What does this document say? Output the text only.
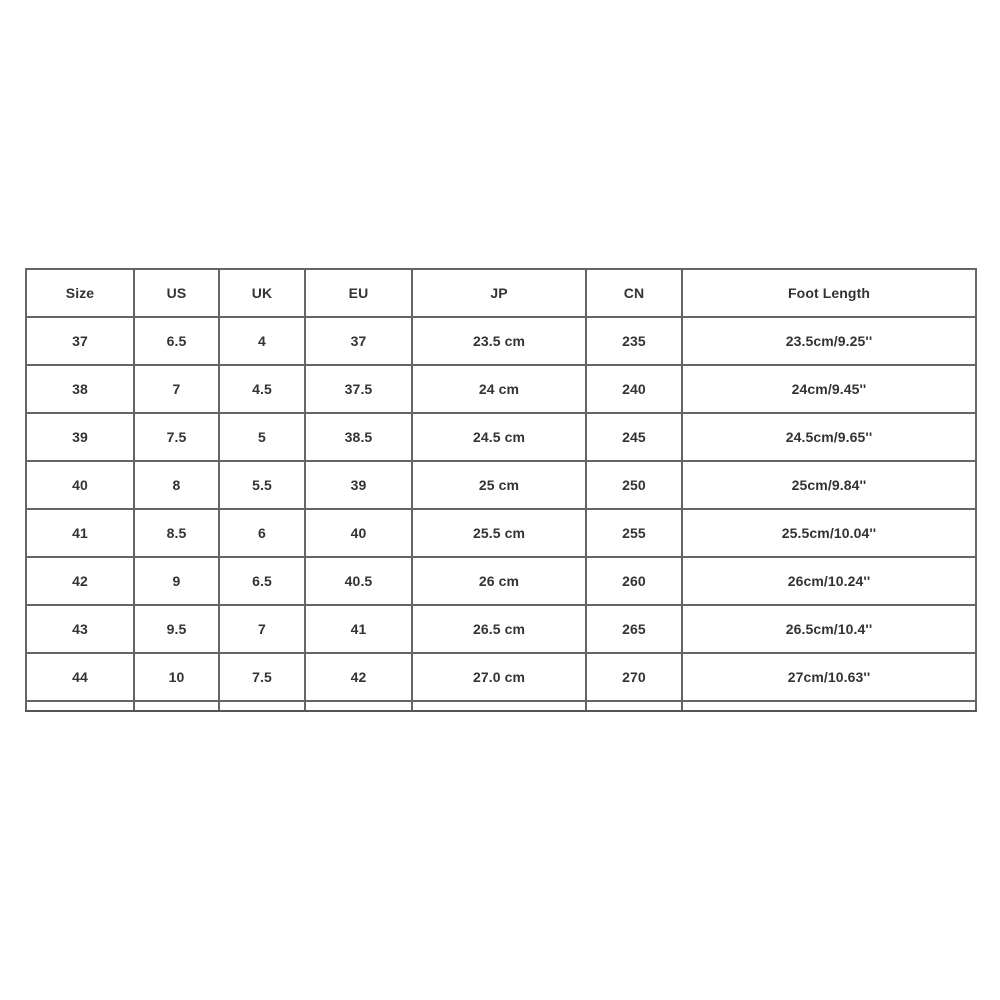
Size	US	UK	EU	JP	CN	Foot Length
37	6.5	4	37	23.5 cm	235	23.5cm/9.25''
38	7	4.5	37.5	24 cm	240	24cm/9.45''
39	7.5	5	38.5	24.5 cm	245	24.5cm/9.65''
40	8	5.5	39	25 cm	250	25cm/9.84''
41	8.5	6	40	25.5 cm	255	25.5cm/10.04''
42	9	6.5	40.5	26 cm	260	26cm/10.24''
43	9.5	7	41	26.5 cm	265	26.5cm/10.4''
44	10	7.5	42	27.0 cm	270	27cm/10.63''
